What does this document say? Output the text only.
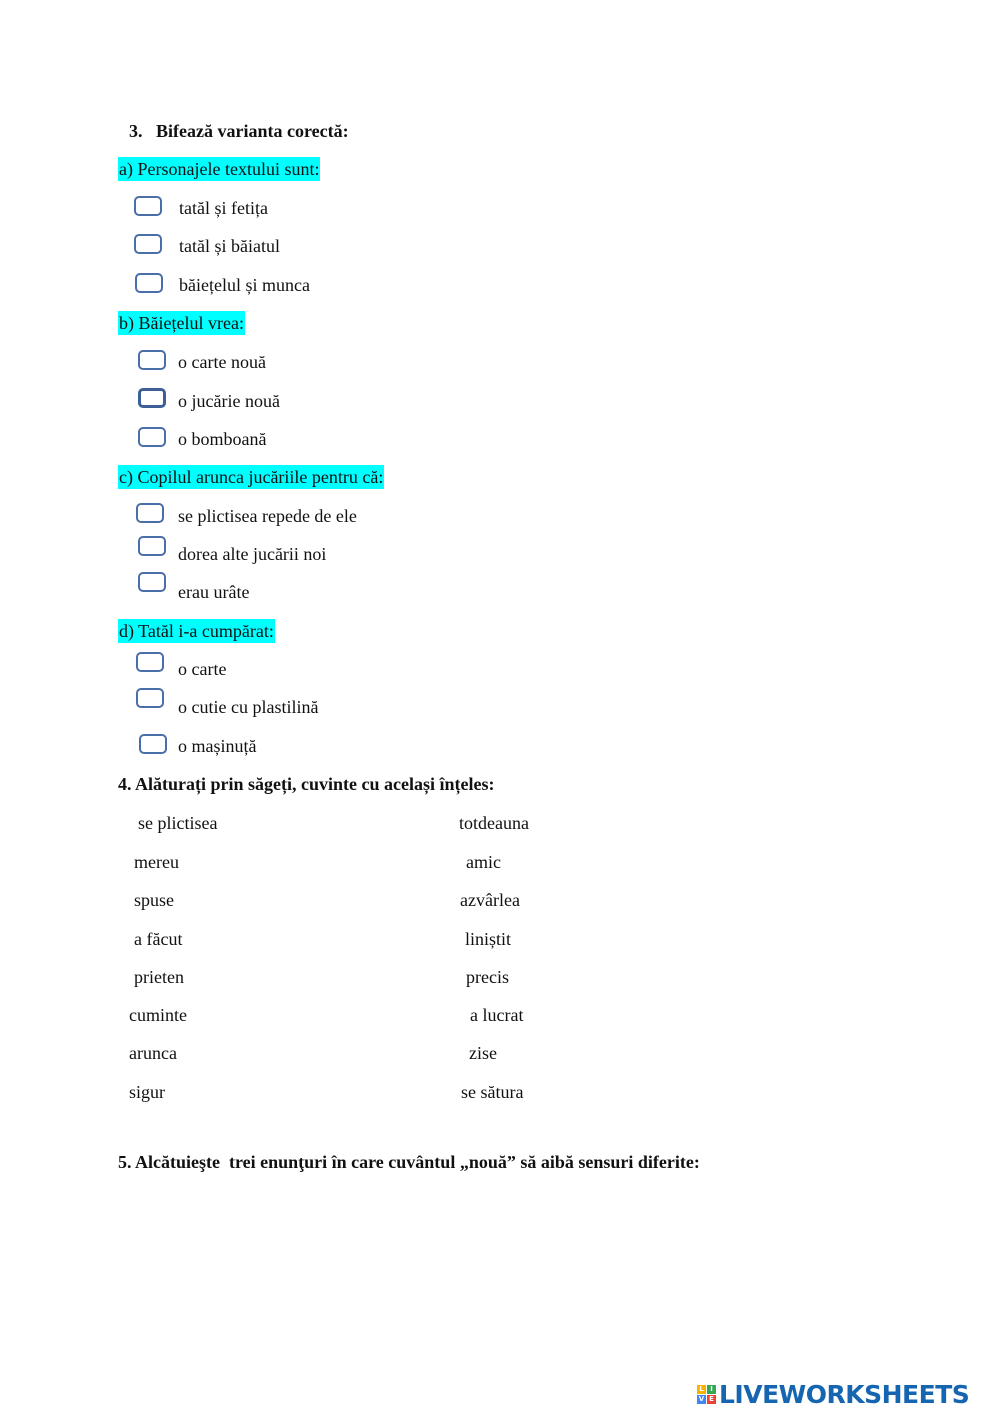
3. Bifează varianta corectă:
a) Personajele textului sunt:
tatăl și fetița
tatăl și băiatul
băiețelul și munca
b) Băiețelul vrea:
o carte nouă
o jucărie nouă
o bomboană
c) Copilul arunca jucăriile pentru că:
se plictisea repede de ele
dorea alte jucării noi
erau urâte
d) Tatăl i-a cumpărat:
o carte
o cutie cu plastilină
o mașinuță
4. Alăturați prin săgeți, cuvinte cu același înțeles:
se plictisea
mereu
spuse
a făcut
prieten
cuminte
arunca
sigur
totdeauna
amic
azvârlea
liniștit
precis
a lucrat
zise
se sătura
5. Alcătuieşte  trei enunţuri în care cuvântul „nouă” să aibă sensuri diferite:
L I
V E LIVEWORKSHEETS
